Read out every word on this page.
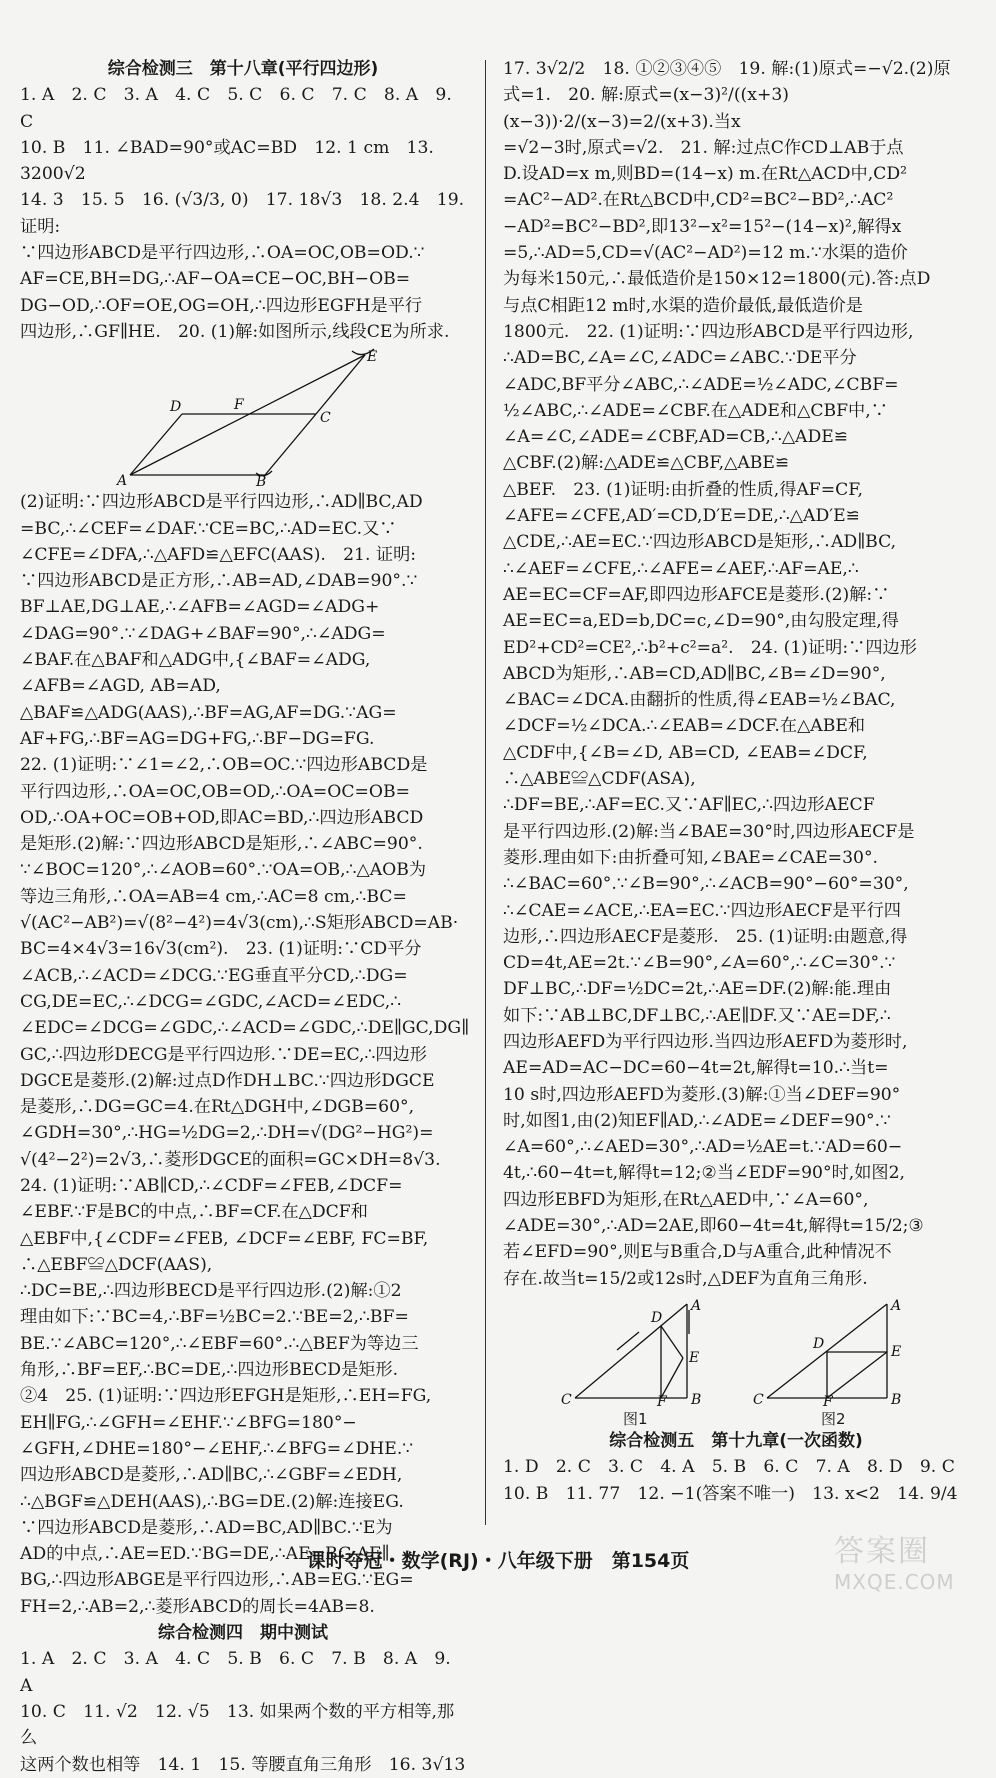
综合检测三　第十八章(平行四边形)
1. A　2. C　3. A　4. C　5. C　6. C　7. C　8. A　9. C
10. B　11. ∠BAD=90°或AC=BD　12. 1 cm　13. 3200√2
14. 3　15. 5　16. (√3/3, 0)　17. 18√3　18. 2.4　19. 证明:
∵四边形ABCD是平行四边形,∴OA=OC,OB=OD.∵
AF=CE,BH=DG,∴AF−OA=CE−OC,BH−OB=
DG−OD,∴OF=OE,OG=OH,∴四边形EGFH是平行
四边形,∴GF∥HE.　20. (1)解:如图所示,线段CE为所求.
E
D	F
C
A	B
(2)证明:∵四边形ABCD是平行四边形,∴AD∥BC,AD
=BC,∴∠CEF=∠DAF.∵CE=BC,∴AD=EC.又∵
∠CFE=∠DFA,∴△AFD≌△EFC(AAS).　21. 证明:
∵四边形ABCD是正方形,∴AB=AD,∠DAB=90°.∵
BF⊥AE,DG⊥AE,∴∠AFB=∠AGD=∠ADG+
∠DAG=90°.∵∠DAG+∠BAF=90°,∴∠ADG=
∠BAF.在△BAF和△ADG中,{∠BAF=∠ADG, ∠AFB=∠AGD, AB=AD,
△BAF≌△ADG(AAS),∴BF=AG,AF=DG.∵AG=
AF+FG,∴BF=AG=DG+FG,∴BF−DG=FG.
22. (1)证明:∵∠1=∠2,∴OB=OC.∵四边形ABCD是
平行四边形,∴OA=OC,OB=OD,∴OA=OC=OB=
OD,∴OA+OC=OB+OD,即AC=BD,∴四边形ABCD
是矩形.(2)解:∵四边形ABCD是矩形,∴∠ABC=90°.
∵∠BOC=120°,∴∠AOB=60°.∵OA=OB,∴△AOB为
等边三角形,∴OA=AB=4 cm,∴AC=8 cm,∴BC=
√(AC²−AB²)=√(8²−4²)=4√3(cm),∴S矩形ABCD=AB·
BC=4×4√3=16√3(cm²).　23. (1)证明:∵CD平分
∠ACB,∴∠ACD=∠DCG.∵EG垂直平分CD,∴DG=
CG,DE=EC,∴∠DCG=∠GDC,∠ACD=∠EDC,∴
∠EDC=∠DCG=∠GDC,∴∠ACD=∠GDC,∴DE∥GC,DG∥
GC,∴四边形DECG是平行四边形.∵DE=EC,∴四边形
DGCE是菱形.(2)解:过点D作DH⊥BC.∵四边形DGCE
是菱形,∴DG=GC=4.在Rt△DGH中,∠DGB=60°,
∠GDH=30°,∴HG=½DG=2,∴DH=√(DG²−HG²)=
√(4²−2²)=2√3,∴菱形DGCE的面积=GC×DH=8√3.
24. (1)证明:∵AB∥CD,∴∠CDF=∠FEB,∠DCF=
∠EBF.∵F是BC的中点,∴BF=CF.在△DCF和
△EBF中,{∠CDF=∠FEB, ∠DCF=∠EBF, FC=BF,　∴△EBF≌△DCF(AAS),
∴DC=BE,∴四边形BECD是平行四边形.(2)解:①2
理由如下:∵BC=4,∴BF=½BC=2.∵BE=2,∴BF=
BE.∵∠ABC=120°,∴∠EBF=60°.∴△BEF为等边三
角形,∴BF=EF,∴BC=DE,∴四边形BECD是矩形.
②4　25. (1)证明:∵四边形EFGH是矩形,∴EH=FG,
EH∥FG,∴∠GFH=∠EHF.∵∠BFG=180°−
∠GFH,∠DHE=180°−∠EHF,∴∠BFG=∠DHE.∵
四边形ABCD是菱形,∴AD∥BC,∴∠GBF=∠EDH,
∴△BGF≌△DEH(AAS),∴BG=DE.(2)解:连接EG.
∵四边形ABCD是菱形,∴AD=BC,AD∥BC.∵E为
AD的中点,∴AE=ED.∵BG=DE,∴AE=BG,AE∥
BG,∴四边形ABGE是平行四边形,∴AB=EG.∵EG=
FH=2,∴AB=2,∴菱形ABCD的周长=4AB=8.
综合检测四　期中测试
1. A　2. C　3. A　4. C　5. B　6. C　7. B　8. A　9. A
10. C　11. √2　12. √5　13. 如果两个数的平方相等,那么
这两个数也相等　14. 1　15. 等腰直角三角形　16. 3√13
17. 3√2/2　18. ①②③④⑤　19. 解:(1)原式=−√2.(2)原
式=1.　20. 解:原式=(x−3)²/((x+3)(x−3))·2/(x−3)=2/(x+3).当x
=√2−3时,原式=√2.　21. 解:过点C作CD⊥AB于点
D.设AD=x m,则BD=(14−x) m.在Rt△ACD中,CD²
=AC²−AD².在Rt△BCD中,CD²=BC²−BD²,∴AC²
−AD²=BC²−BD²,即13²−x²=15²−(14−x)²,解得x
=5,∴AD=5,CD=√(AC²−AD²)=12 m.∵水渠的造价
为每米150元,∴最低造价是150×12=1800(元).答:点D
与点C相距12 m时,水渠的造价最低,最低造价是
1800元.　22. (1)证明:∵四边形ABCD是平行四边形,
∴AD=BC,∠A=∠C,∠ADC=∠ABC.∵DE平分
∠ADC,BF平分∠ABC,∴∠ADE=½∠ADC,∠CBF=
½∠ABC,∴∠ADE=∠CBF.在△ADE和△CBF中,∵
∠A=∠C,∠ADE=∠CBF,AD=CB,∴△ADE≌
△CBF.(2)解:△ADE≌△CBF,△ABE≌
△BEF.　23. (1)证明:由折叠的性质,得AF=CF,
∠AFE=∠CFE,AD′=CD,D′E=DE,∴△AD′E≌
△CDE,∴AE=EC.∵四边形ABCD是矩形,∴AD∥BC,
∴∠AEF=∠CFE,∴∠AFE=∠AEF,∴AF=AE,∴
AE=EC=CF=AF,即四边形AFCE是菱形.(2)解:∵
AE=EC=a,ED=b,DC=c,∠D=90°,由勾股定理,得
ED²+CD²=CE²,∴b²+c²=a².　24. (1)证明:∵四边形
ABCD为矩形,∴AB=CD,AD∥BC,∠B=∠D=90°,
∠BAC=∠DCA.由翻折的性质,得∠EAB=½∠BAC,
∠DCF=½∠DCA.∴∠EAB=∠DCF.在△ABE和
△CDF中,{∠B=∠D, AB=CD, ∠EAB=∠DCF,　∴△ABE≌△CDF(ASA),
∴DF=BE,∴AF=EC.又∵AF∥EC,∴四边形AECF
是平行四边形.(2)解:当∠BAE=30°时,四边形AECF是
菱形.理由如下:由折叠可知,∠BAE=∠CAE=30°.
∴∠BAC=60°.∵∠B=90°,∴∠ACB=90°−60°=30°,
∴∠CAE=∠ACE,∴EA=EC.∵四边形AECF是平行四
边形,∴四边形AECF是菱形.　25. (1)证明:由题意,得
CD=4t,AE=2t.∵∠B=90°,∠A=60°,∴∠C=30°.∵
DF⊥BC,∴DF=½DC=2t,∴AE=DF.(2)解:能.理由
如下:∵AB⊥BC,DF⊥BC,∴AE∥DF.又∵AE=DF,∴
四边形AEFD为平行四边形.当四边形AEFD为菱形时,
AE=AD=AC−DC=60−4t=2t,解得t=10.∴当t=
10 s时,四边形AEFD为菱形.(3)解:①当∠DEF=90°
时,如图1,由(2)知EF∥AD,∴∠ADE=∠DEF=90°.∵
∠A=60°,∴∠AED=30°,∴AD=½AE=t.∵AD=60−
4t,∴60−4t=t,解得t=12;②当∠EDF=90°时,如图2,
四边形EBFD为矩形,在Rt△AED中,∵∠A=60°,
∠ADE=30°,∴AD=2AE,即60−4t=4t,解得t=15/2;③
若∠EFD=90°,则E与B重合,D与A重合,此种情况不
存在.故当t=15/2或12s时,△DEF为直角三角形.
A
D
E
C	F B
图1
A
D	E
C	F	B
图2
综合检测五　第十九章(一次函数)
1. D　2. C　3. C　4. A　5. B　6. C　7. A　8. D　9. C
10. B　11. 77　12. −1(答案不唯一)　13. x<2　14. 9/4
课时夺冠・数学(RJ)・八年级下册　第154页	答案圈
MXQE.COM
